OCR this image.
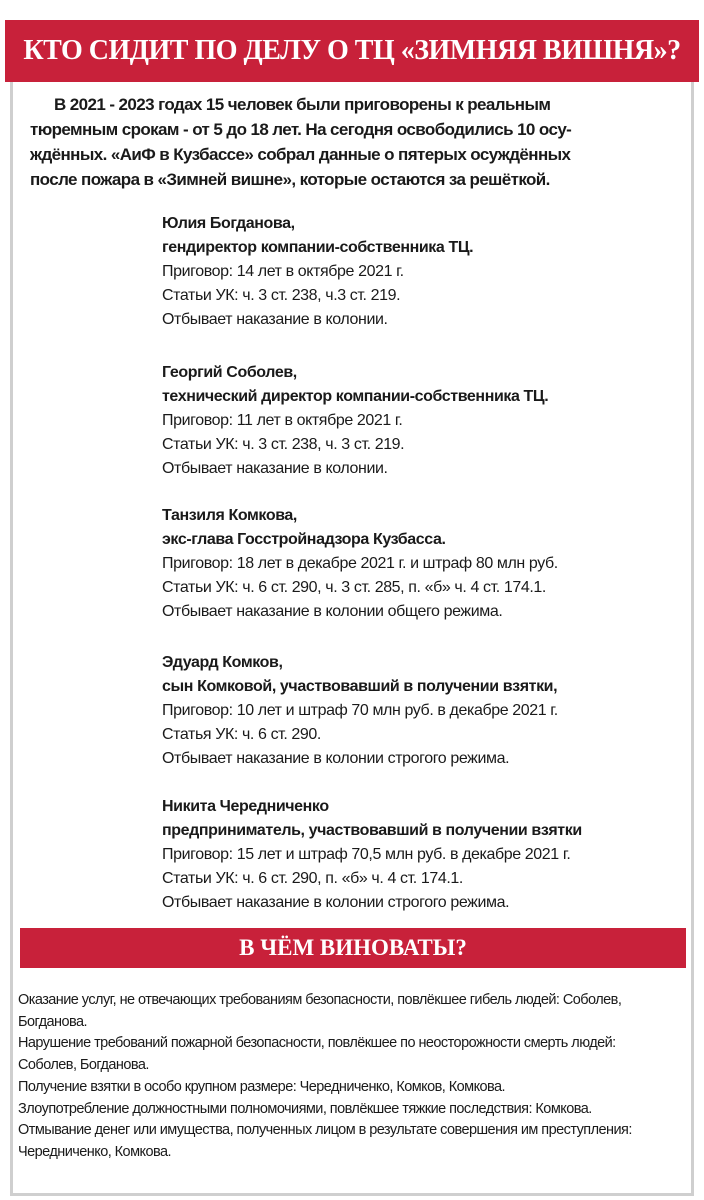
КТО СИДИТ ПО ДЕЛУ О ТЦ «ЗИМНЯЯ ВИШНЯ»?
В 2021 - 2023 годах 15 человек были приговорены к реальным
тюремным срокам - от 5 до 18 лет. На сегодня освободились 10 осу-
ждённых. «АиФ в Кузбассе» собрал данные о пятерых осуждённых
после пожара в «Зимней вишне», которые остаются за решёткой.
Юлия Богданова,
гендиректор компании-собственника ТЦ.
Приговор: 14 лет в октябре 2021 г.
Статьи УК: ч. 3 ст. 238, ч.3 ст. 219.
Отбывает наказание в колонии.
Георгий Соболев,
технический директор компании-собственника ТЦ.
Приговор: 11 лет в октябре 2021 г.
Статьи УК: ч. 3 ст. 238, ч. 3 ст. 219.
Отбывает наказание в колонии.
Танзиля Комкова,
экс-глава Госстройнадзора Кузбасса.
Приговор: 18 лет в декабре 2021 г. и штраф 80 млн руб.
Статьи УК: ч. 6 ст. 290, ч. 3 ст. 285, п. «б» ч. 4 ст. 174.1.
Отбывает наказание в колонии общего режима.
Эдуард Комков,
сын Комковой, участвовавший в получении взятки,
Приговор: 10 лет и штраф 70 млн руб. в декабре 2021 г.
Статья УК: ч. 6 ст. 290.
Отбывает наказание в колонии строгого режима.
Никита Чередниченко
предприниматель, участвовавший в получении взятки
Приговор: 15 лет и штраф 70,5 млн руб. в декабре 2021 г.
Статьи УК: ч. 6 ст. 290, п. «б» ч. 4 ст. 174.1.
Отбывает наказание в колонии строгого режима.
В ЧЁМ ВИНОВАТЫ?
Оказание услуг, не отвечающих требованиям безопасности, повлёкшее гибель людей: Соболев,
Богданова.
Нарушение требований пожарной безопасности, повлёкшее по неосторожности смерть людей:
Соболев, Богданова.
Получение взятки в особо крупном размере: Чередниченко, Комков, Комкова.
Злоупотребление должностными полномочиями, повлёкшее тяжкие последствия: Комкова.
Отмывание денег или имущества, полученных лицом в результате совершения им преступления:
Чередниченко, Комкова.
